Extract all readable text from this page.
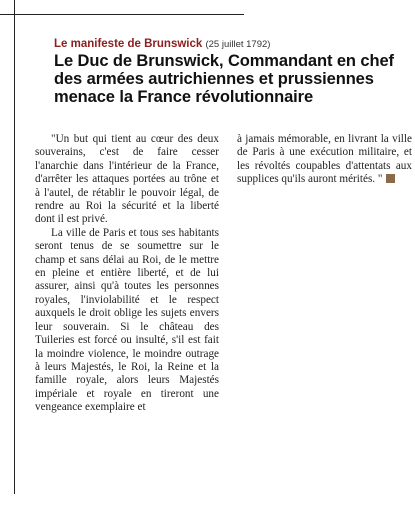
Le manifeste de Brunswick (25 juillet 1792)
Le Duc de Brunswick, Commandant en chef des armées autrichiennes et prussiennes menace la France révolutionnaire

"Un but qui tient au cœur des deux souverains, c'est de faire cesser l'anarchie dans l'intérieur de la France, d'arrêter les attaques portées au trône et à l'autel, de rétablir le pouvoir légal, de rendre au Roi la sécurité et la liberté dont il est privé.

La ville de Paris et tous ses habitants seront tenus de se soumettre sur le champ et sans délai au Roi, de le mettre en pleine et entière liberté, et de lui assurer, ainsi qu'à toutes les personnes royales, l'inviolabilité et le respect auxquels le droit oblige les sujets envers leur souverain. Si le château des Tuileries est forcé ou insulté, s'il est fait la moindre violence, le moindre outrage à leurs Majestés, le Roi, la Reine et la famille royale, alors leurs Majestés impériale et royale en tireront une vengeance exemplaire et

à jamais mémorable, en livrant la ville de Paris à une exécution militaire, et les révoltés coupables d'attentats aux supplices qu'ils auront mérités. "
